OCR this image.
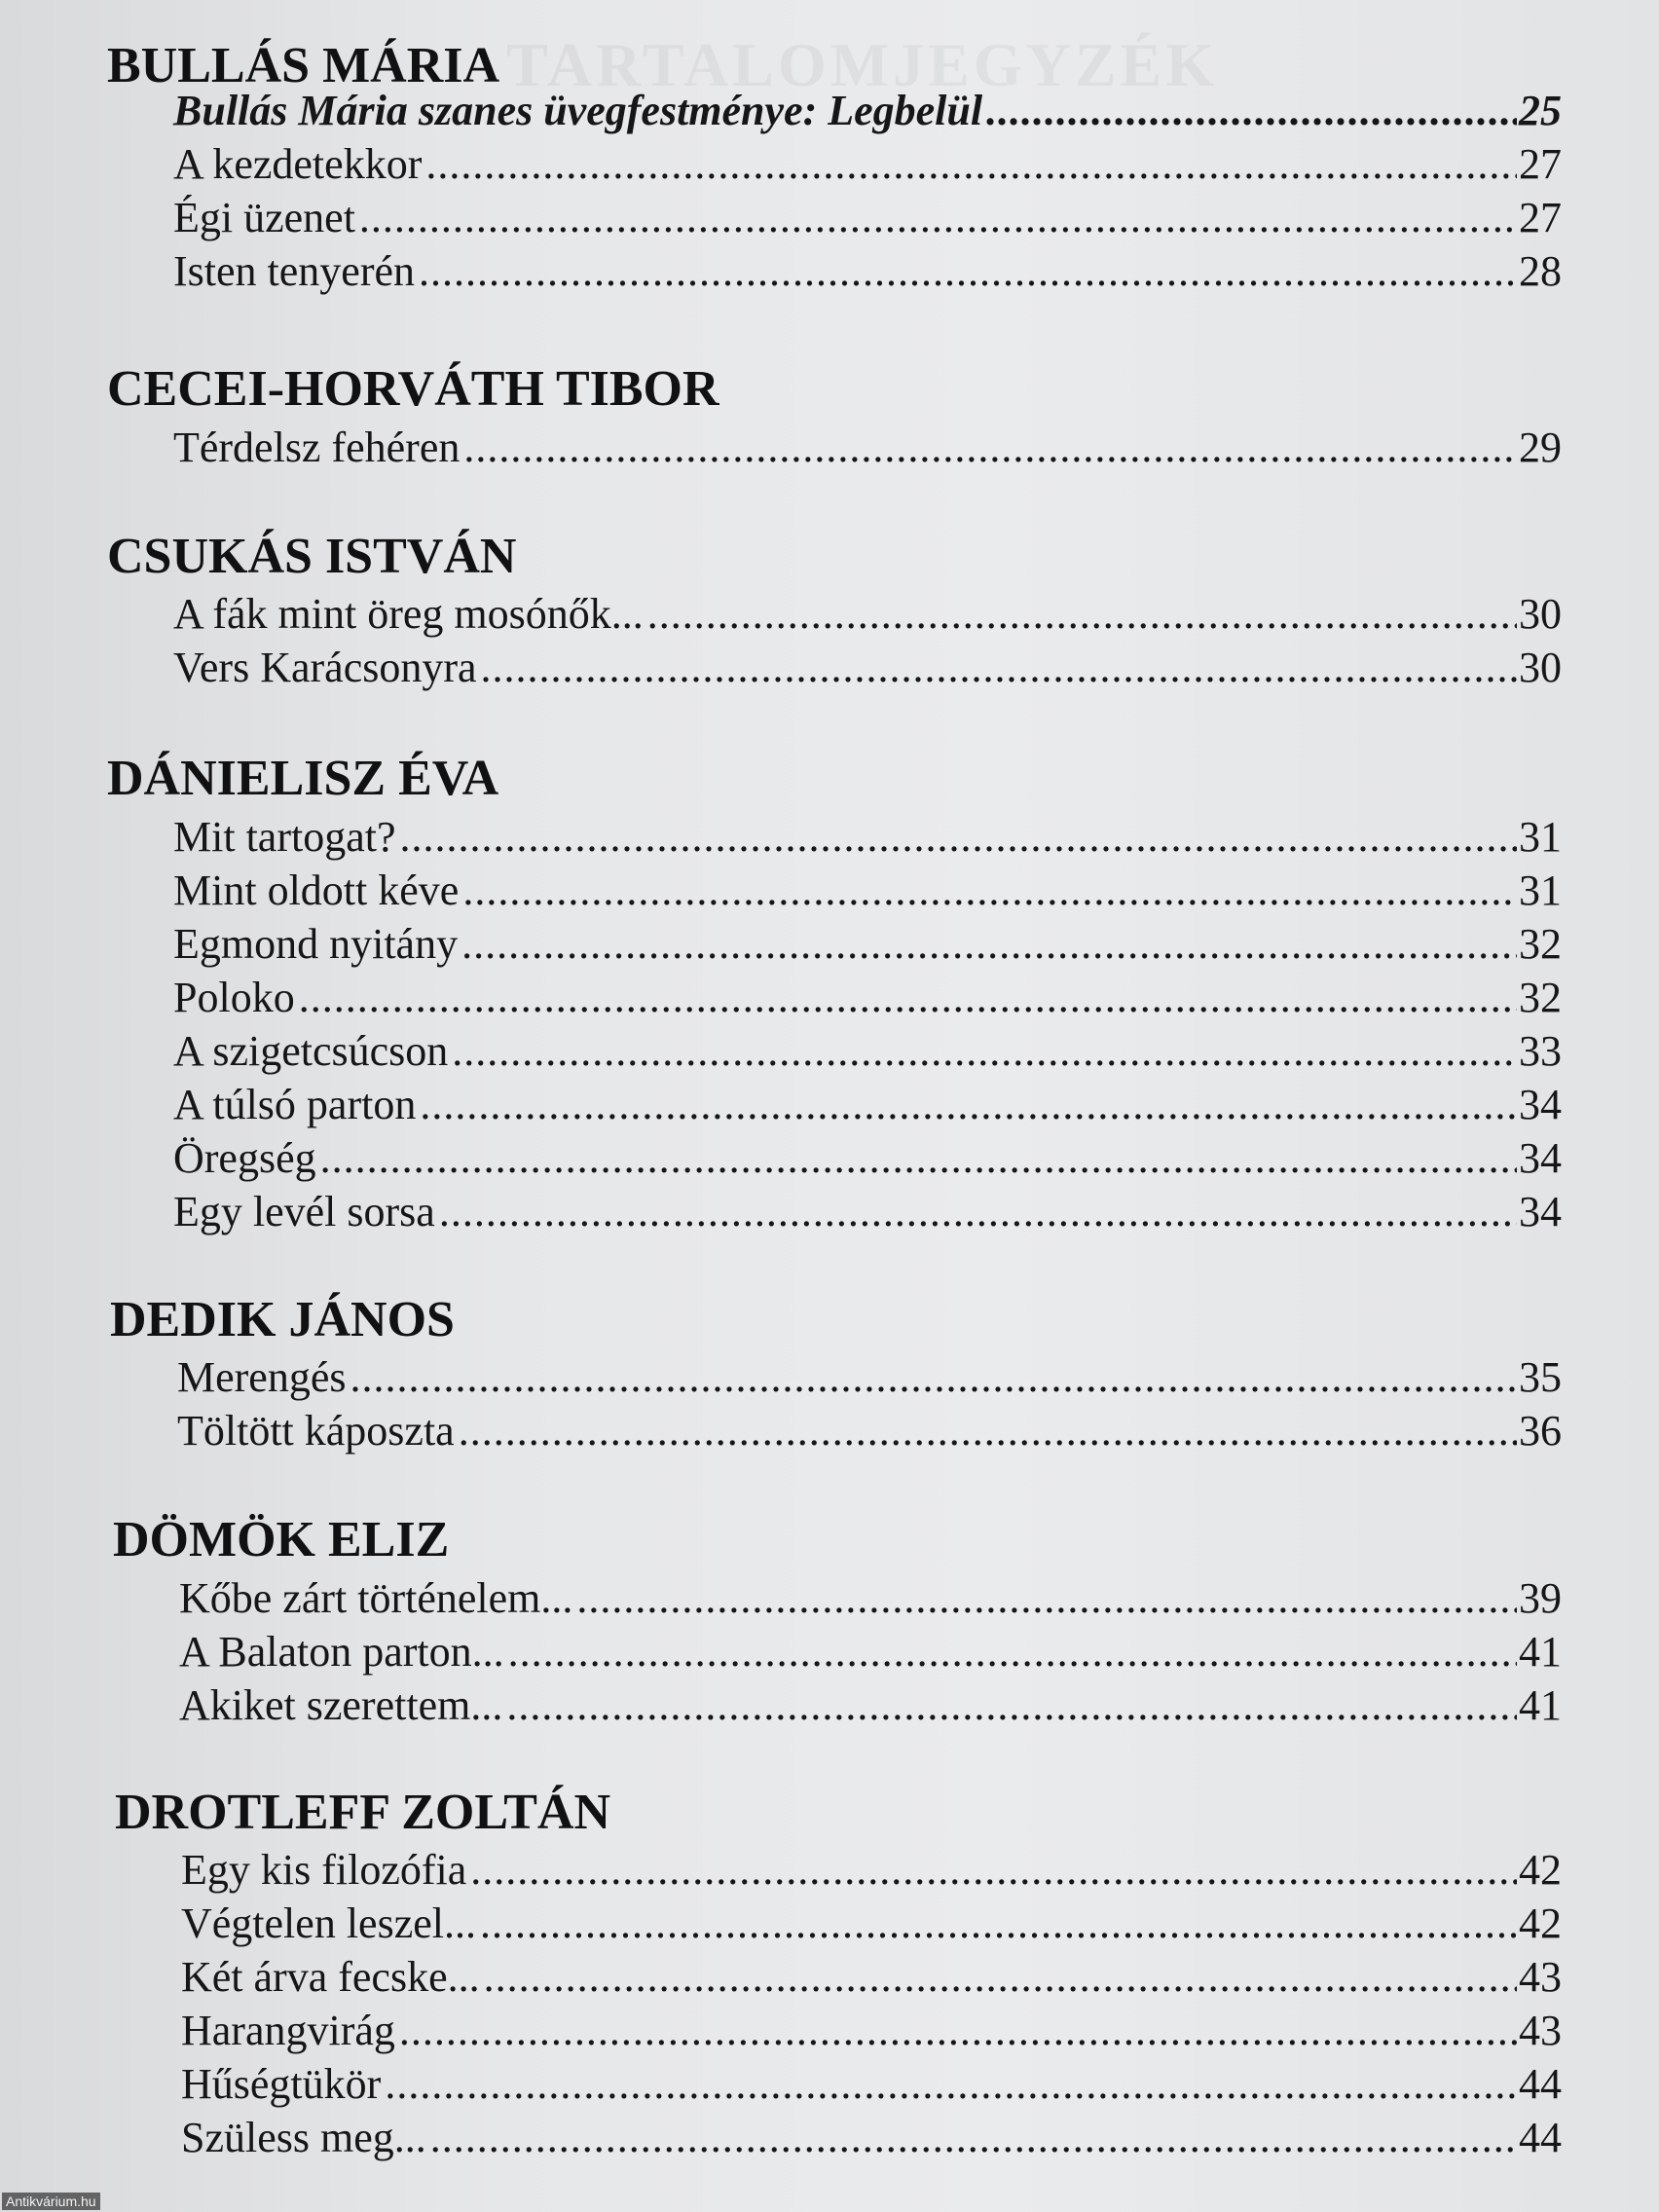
TARTALOMJEGYZÉK
BULLÁS MÁRIA
Bullás Mária szanes üvegfestménye: Legbelül .....	25
A kezdetekkor .....	27
Égi üzenet .....	27
Isten tenyerén .....	28
CECEI-HORVÁTH TIBOR
Térdelsz fehéren .....	29
CSUKÁS ISTVÁN
A fák mint öreg mosónők... .....	30
Vers Karácsonyra .....	30
DÁNIELISZ ÉVA
Mit tartogat? .....	31
Mint oldott kéve .....	31
Egmond nyitány .....	32
Poloko .....	32
A szigetcsúcson .....	33
A túlsó parton .....	34
Öregség .....	34
Egy levél sorsa .....	34
DEDIK JÁNOS
Merengés .....	35
Töltött káposzta .....	36
DÖMÖK ELIZ
Kőbe zárt történelem... .....	39
A Balaton parton... .....	41
Akiket szerettem... .....	41
DROTLEFF ZOLTÁN
Egy kis filozófia .....	42
Végtelen leszel... .....	42
Két árva fecske... .....	43
Harangvirág .....	43
Hűségtükör .....	44
Szüless meg... .....	44
Antikvárium.hu
